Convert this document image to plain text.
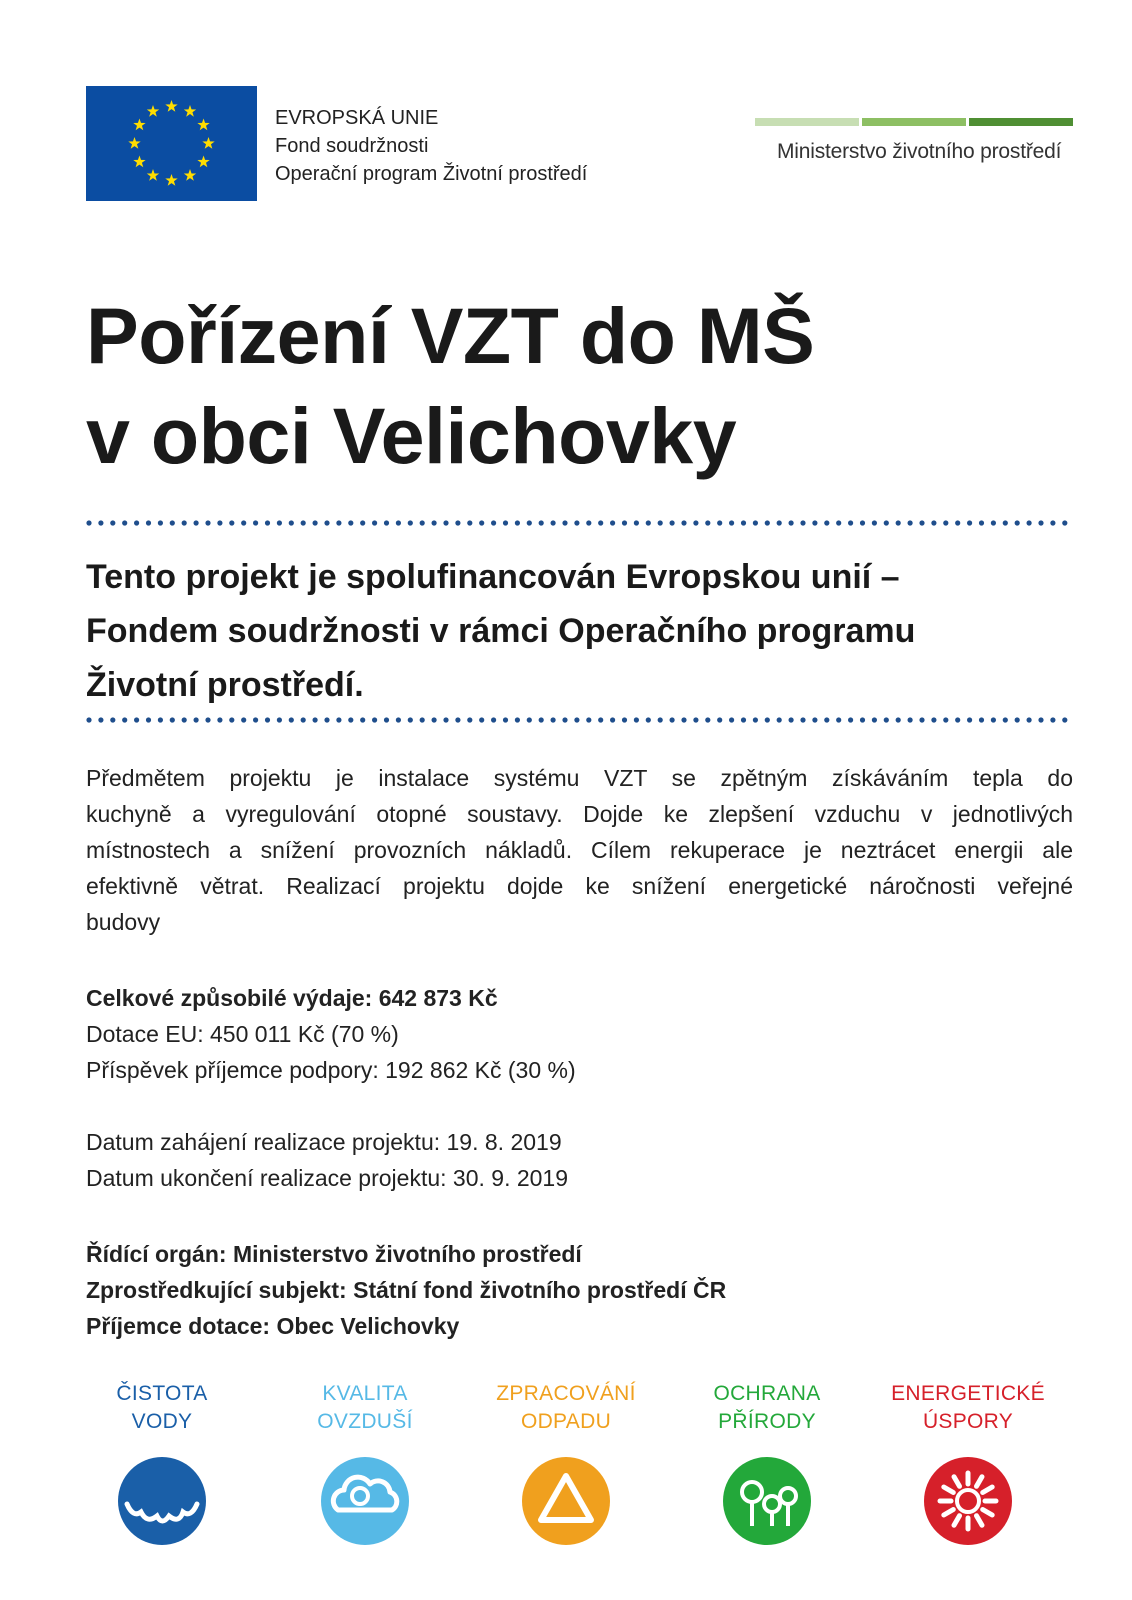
EVROPSKÁ UNIE
Fond soudržnosti
Operační program Životní prostředí
Ministerstvo životního prostředí
Pořízení VZT do MŠ
v obci Velichovky
Tento projekt je spolufinancován Evropskou unií –
Fondem soudržnosti v rámci Operačního programu
Životní prostředí.
Předmětem projektu je instalace systému VZT se zpětným získáváním tepla do
kuchyně a vyregulování otopné soustavy. Dojde ke zlepšení vzduchu v jednotlivých
místnostech a snížení provozních nákladů. Cílem rekuperace je neztrácet energii ale
efektivně větrat. Realizací projektu dojde ke snížení energetické náročnosti veřejné
budovy
Celkové způsobilé výdaje: 642 873 Kč
Dotace EU: 450 011 Kč (70 %)
Příspěvek příjemce podpory: 192 862 Kč (30 %)
Datum zahájení realizace projektu: 19. 8. 2019
Datum ukončení realizace projektu: 30. 9. 2019
Řídící orgán: Ministerstvo životního prostředí
Zprostředkující subjekt: Státní fond životního prostředí ČR
Příjemce dotace: Obec Velichovky
ČISTOTA
VODY
KVALITA
OVZDUŠÍ
ZPRACOVÁNÍ
ODPADU
OCHRANA
PŘÍRODY
ENERGETICKÉ
ÚSPORY
